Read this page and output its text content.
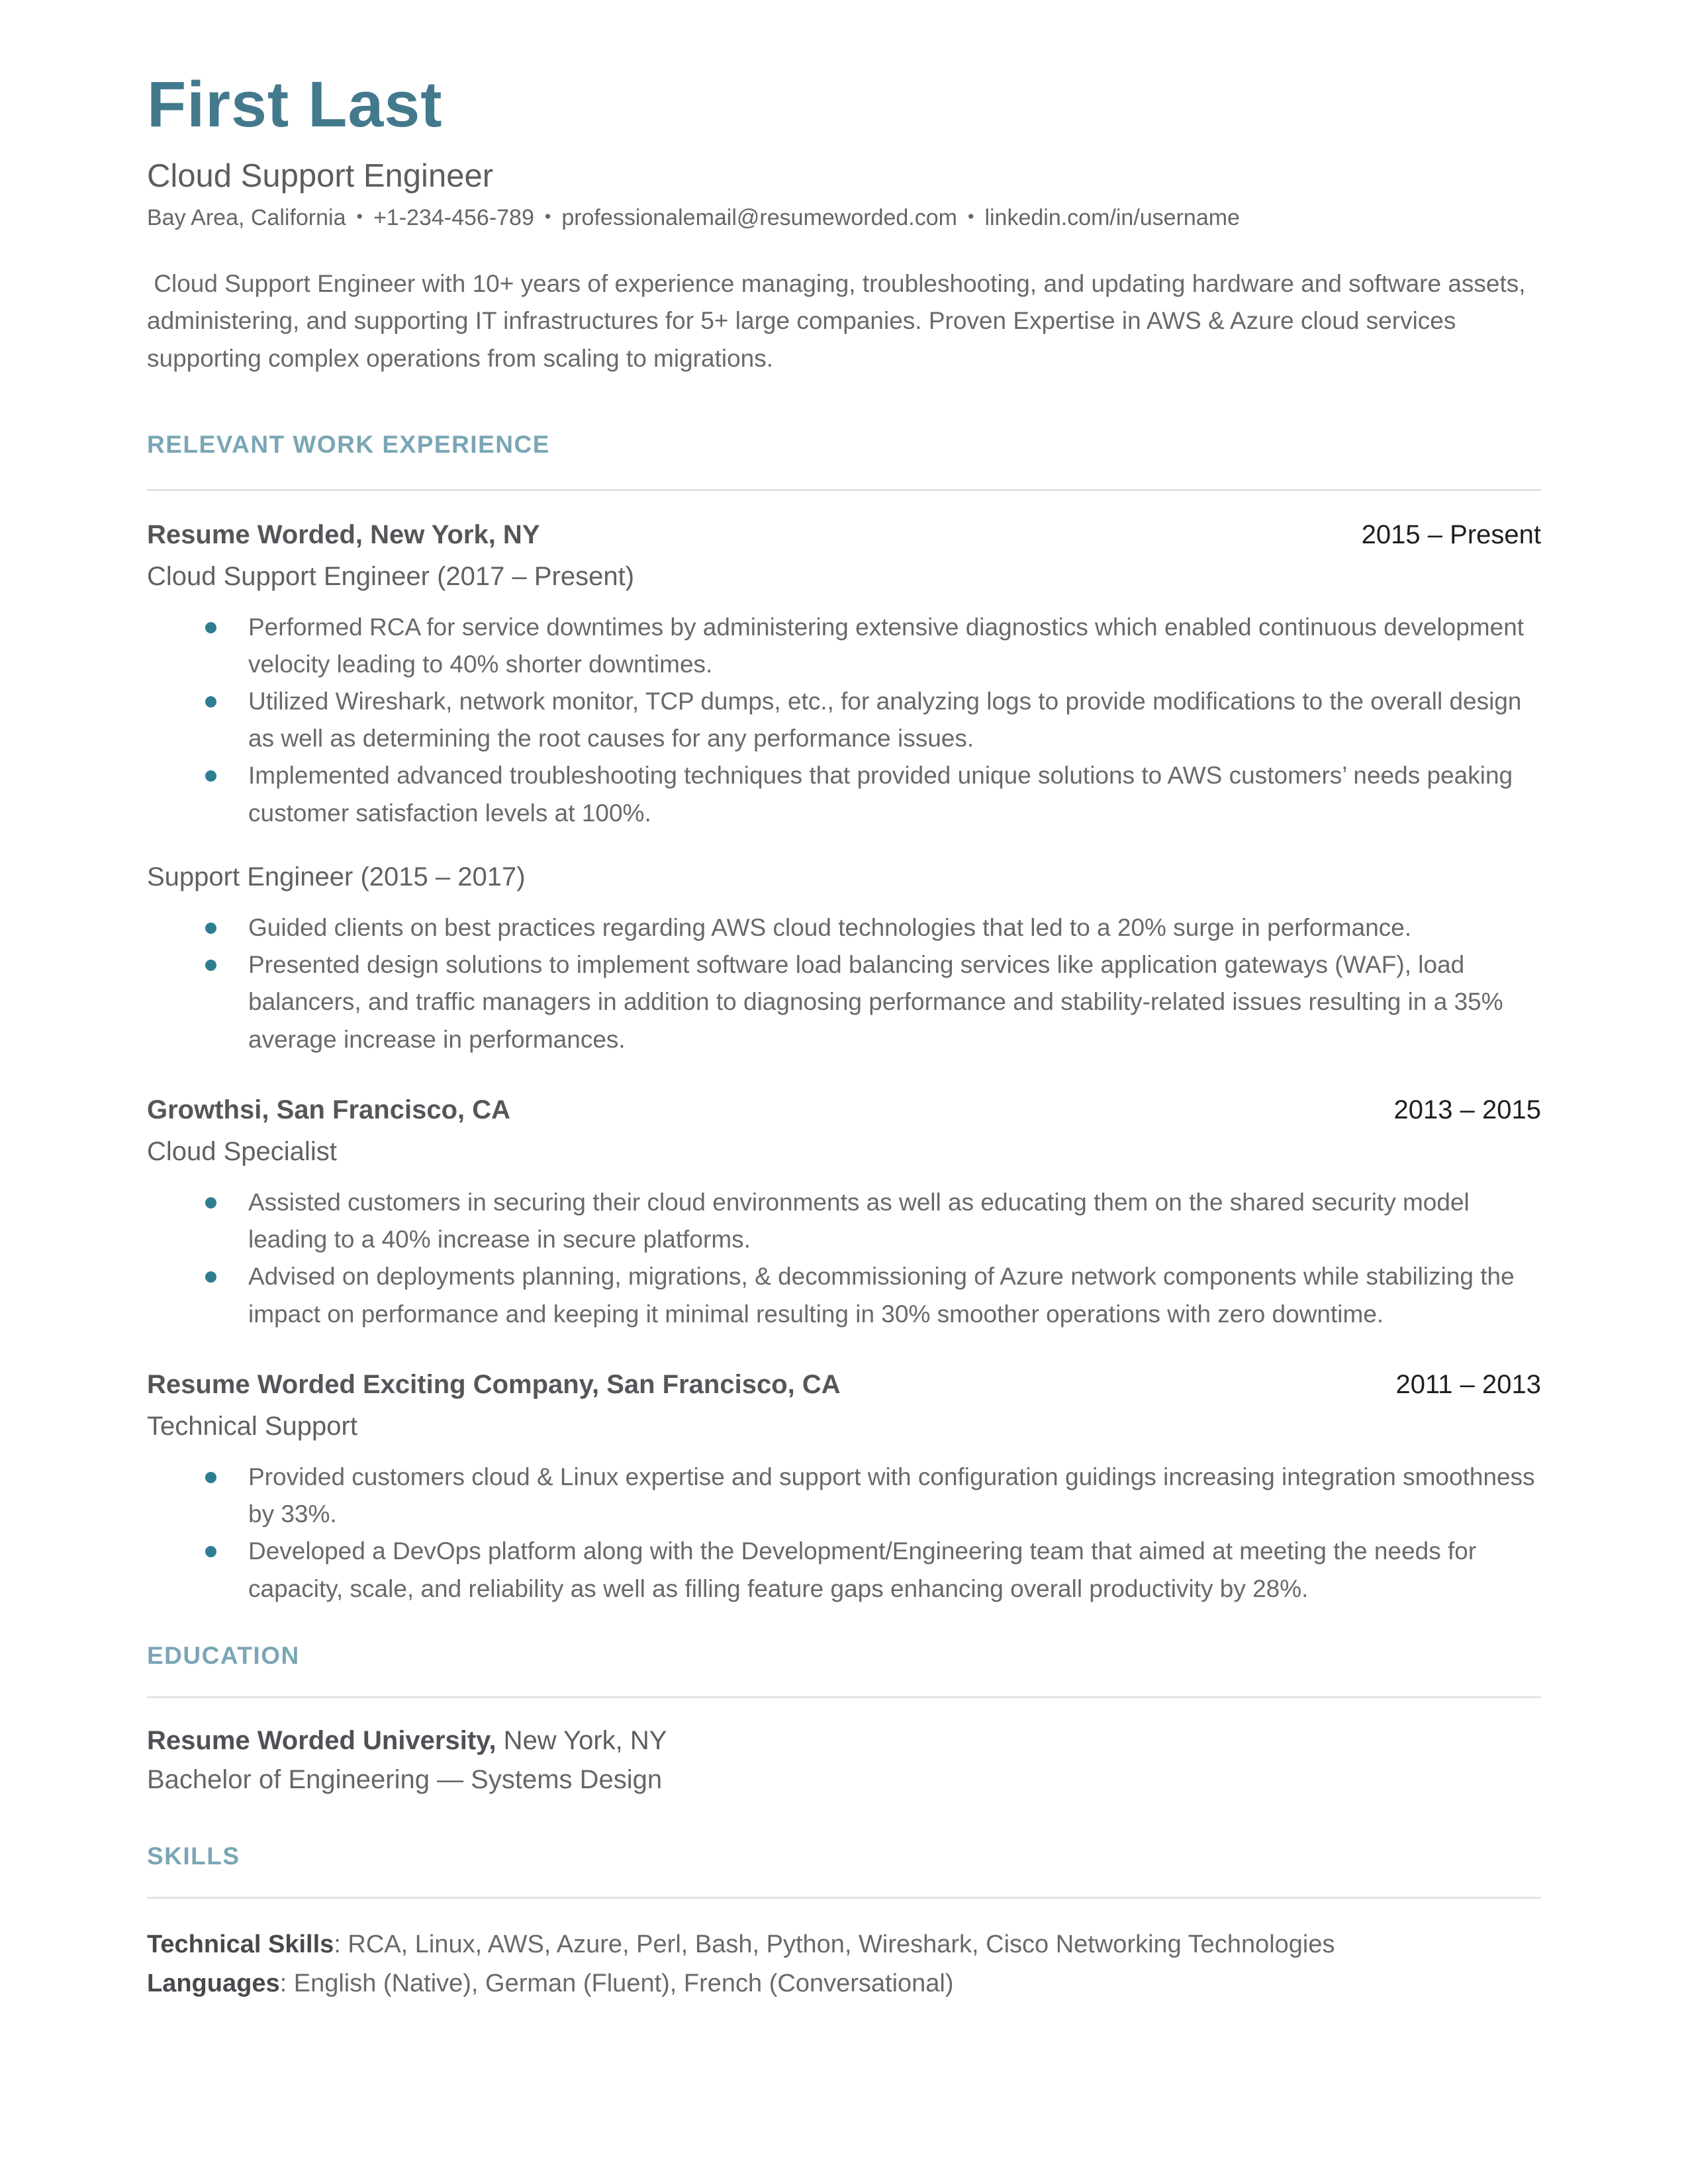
First Last
Cloud Support Engineer
Bay Area, California • +1-234-456-789 • professionalemail@resumeworded.com • linkedin.com/in/username

Cloud Support Engineer with 10+ years of experience managing, troubleshooting, and updating hardware and software assets, administering, and supporting IT infrastructures for 5+ large companies. Proven Expertise in AWS & Azure cloud services supporting complex operations from scaling to migrations.

RELEVANT WORK EXPERIENCE
Resume Worded, New York, NY	2015 – Present
Cloud Support Engineer (2017 – Present)
Performed RCA for service downtimes by administering extensive diagnostics which enabled continuous development velocity leading to 40% shorter downtimes.
Utilized Wireshark, network monitor, TCP dumps, etc., for analyzing logs to provide modifications to the overall design as well as determining the root causes for any performance issues.
Implemented advanced troubleshooting techniques that provided unique solutions to AWS customers’ needs peaking customer satisfaction levels at 100%.
Support Engineer (2015 – 2017)
Guided clients on best practices regarding AWS cloud technologies that led to a 20% surge in performance.
Presented design solutions to implement software load balancing services like application gateways (WAF), load balancers, and traffic managers in addition to diagnosing performance and stability-related issues resulting in a 35% average increase in performances.
Growthsi, San Francisco, CA	2013 – 2015
Cloud Specialist
Assisted customers in securing their cloud environments as well as educating them on the shared security model leading to a 40% increase in secure platforms.
Advised on deployments planning, migrations, & decommissioning of Azure network components while stabilizing the impact on performance and keeping it minimal resulting in 30% smoother operations with zero downtime.
Resume Worded Exciting Company, San Francisco, CA	2011 – 2013
Technical Support
Provided customers cloud & Linux expertise and support with configuration guidings increasing integration smoothness by 33%.
Developed a DevOps platform along with the Development/Engineering team that aimed at meeting the needs for capacity, scale, and reliability as well as filling feature gaps enhancing overall productivity by 28%.
EDUCATION
Resume Worded University, New York, NY
Bachelor of Engineering — Systems Design
SKILLS
Technical Skills: RCA, Linux, AWS, Azure, Perl, Bash, Python, Wireshark, Cisco Networking Technologies
Languages: English (Native), German (Fluent), French (Conversational)
